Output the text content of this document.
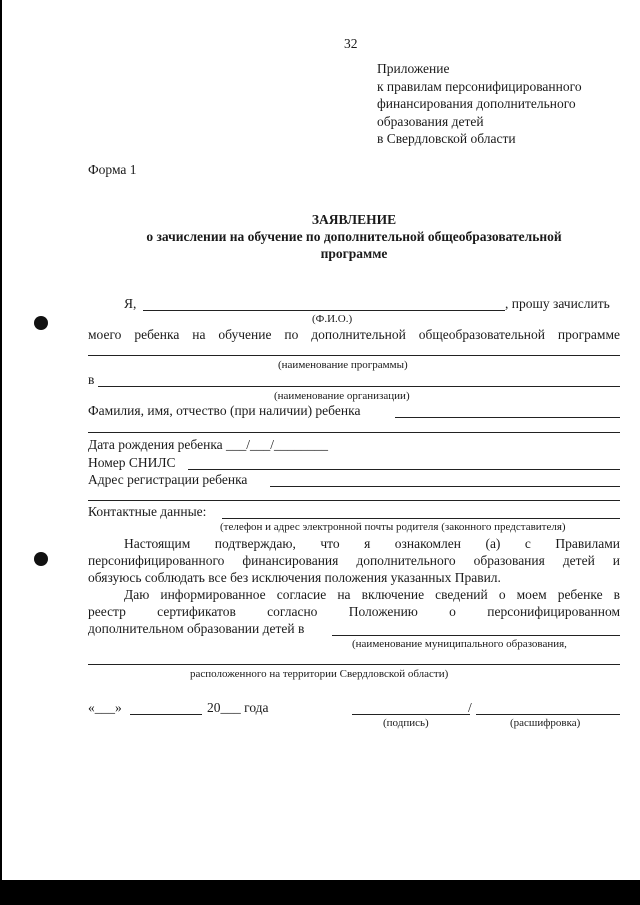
32
Приложение
к правилам персонифицированного
финансирования дополнительного
образования детей
в Свердловской области
Форма 1
ЗАЯВЛЕНИЕ
о зачислении на обучение по дополнительной общеобразовательной
программе
Я,	, прошу зачислить
(Ф.И.О.)
моего ребенка на обучение по дополнительной общеобразовательной программе
(наименование программы)
в
(наименование организации)
Фамилия, имя, отчество (при наличии) ребенка
Дата рождения ребенка ___/___/________
Номер СНИЛС
Адрес регистрации ребенка
Контактные данные:
(телефон и адрес электронной почты родителя (законного представителя)
Настоящим подтверждаю, что я ознакомлен (а) с Правилами
персонифицированного финансирования дополнительного образования детей и
обязуюсь соблюдать все без исключения положения указанных Правил.
Даю информированное согласие на включение сведений о моем ребенке в
реестр сертификатов согласно Положению о персонифицированном
дополнительном образовании детей в
(наименование муниципального образования,
расположенного на территории Свердловской области)
«___»	20___ года	/
(подпись)	(расшифровка)
